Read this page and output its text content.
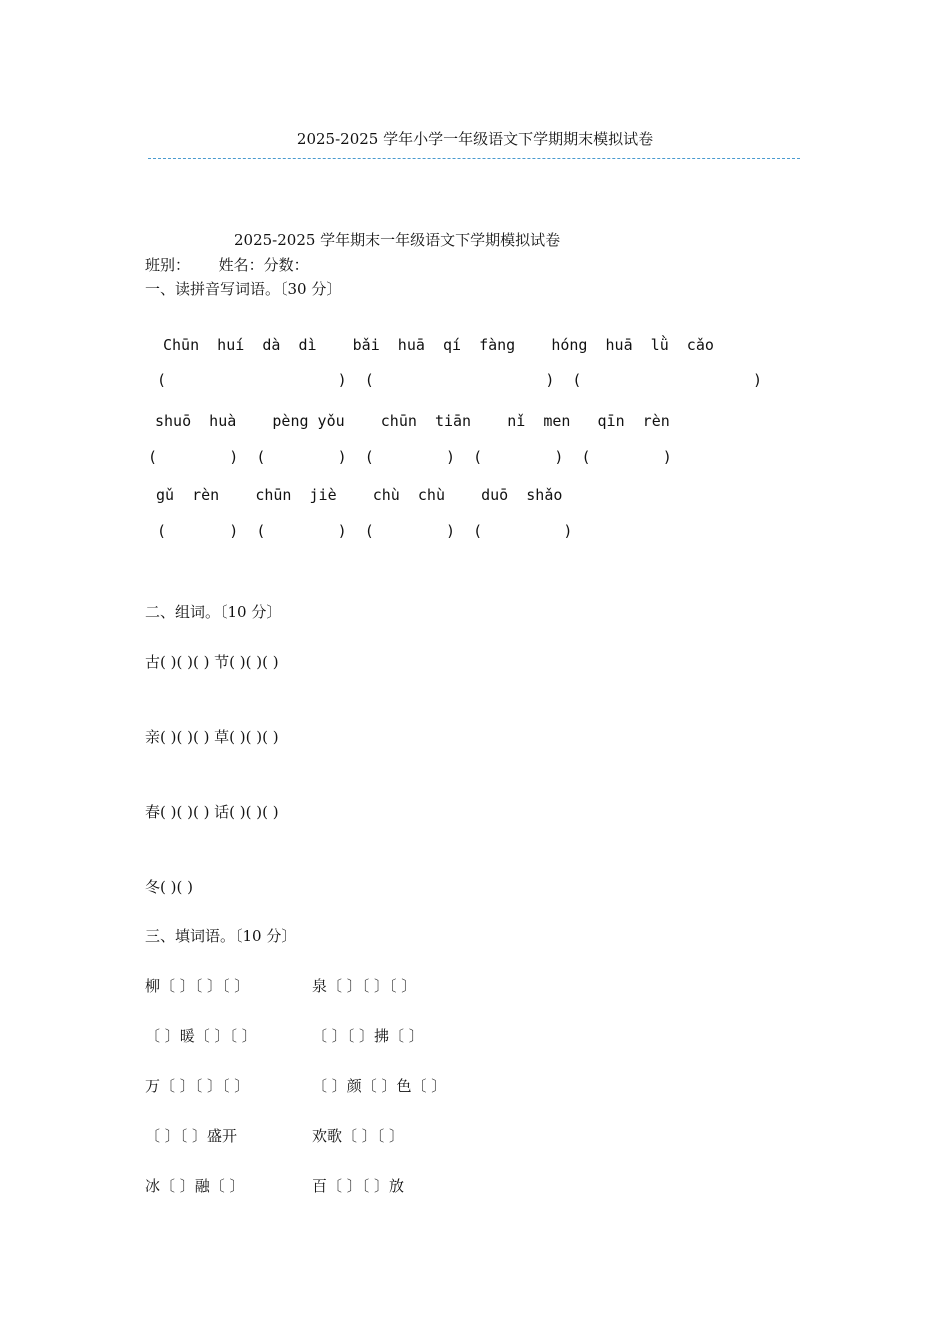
2025-2025 学年小学一年级语文下学期期末模拟试卷
2025-2025 学年期末一年级语文下学期模拟试卷
班别：      姓名：分数：
一、读拼音写词语。〔30 分〕
Chūn  huí  dà  dì    bǎi  huā  qí  fàng    hóng  huā  lǜ  cǎo
(                   )  (                   )  (                   )
shuō  huà    pèng yǒu    chūn  tiān    nǐ  men   qīn  rèn
(        )  (        )  (        )  (        )  (        )
gǔ  rèn    chūn  jiè    chù  chù    duō  shǎo
(       )  (        )  (        )  (         )
二、组词。〔10 分〕
古( )( )( ) 节( )( )( )
亲( )( )( ) 草( )( )( )
春( )( )( ) 话( )( )( )
冬( )( )
三、填词语。〔10 分〕
柳〔 〕〔 〕〔 〕	泉〔 〕〔 〕〔 〕
〔 〕暖〔 〕〔 〕	〔 〕〔 〕拂〔 〕
万〔 〕〔 〕〔 〕	〔 〕颜〔 〕色〔 〕
〔 〕〔 〕盛开	欢歌〔 〕〔 〕
冰〔 〕融〔 〕	百〔 〕〔 〕放
